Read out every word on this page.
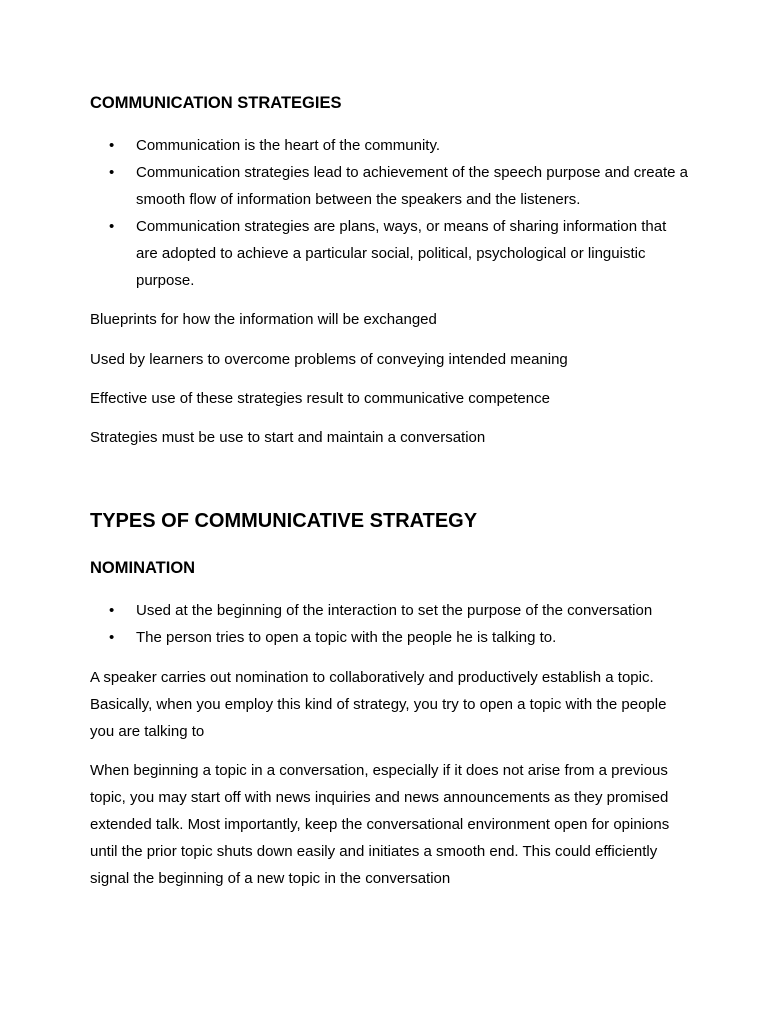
COMMUNICATION STRATEGIES
• Communication is the heart of the community.
• Communication strategies lead to achievement of the speech purpose and create a smooth flow of information between the speakers and the listeners.
• Communication strategies are plans, ways, or means of sharing information that are adopted to achieve a particular social, political, psychological or linguistic purpose.

Blueprints for how the information will be exchanged

Used by learners to overcome problems of conveying intended meaning

Effective use of these strategies result to communicative competence

Strategies must be use to start and maintain a conversation

TYPES OF COMMUNICATIVE STRATEGY
NOMINATION
• Used at the beginning of the interaction to set the purpose of the conversation
• The person tries to open a topic with the people he is talking to.

A speaker carries out nomination to collaboratively and productively establish a topic. Basically, when you employ this kind of strategy, you try to open a topic with the people you are talking to

When beginning a topic in a conversation, especially if it does not arise from a previous topic, you may start off with news inquiries and news announcements as they promised extended talk. Most importantly, keep the conversational environment open for opinions until the prior topic shuts down easily and initiates a smooth end. This could efficiently signal the beginning of a new topic in the conversation
